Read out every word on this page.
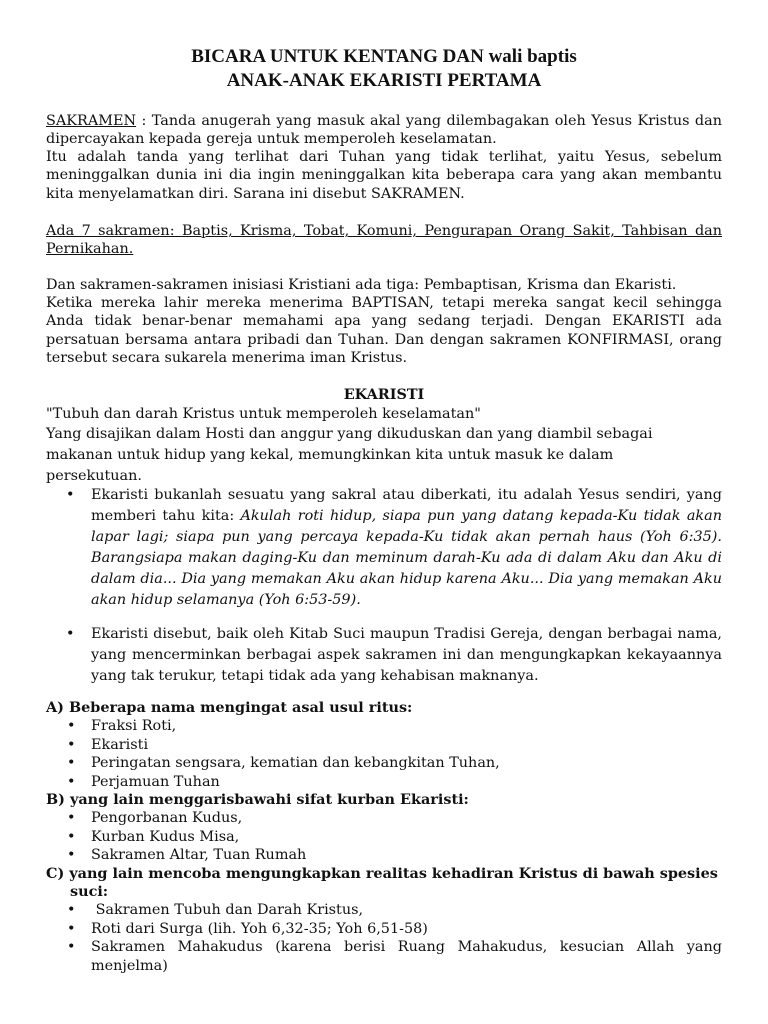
BICARA UNTUK KENTANG DAN wali baptis
ANAK-ANAK EKARISTI PERTAMA
SAKRAMEN : Tanda anugerah yang masuk akal yang dilembagakan oleh Yesus Kristus dan dipercayakan kepada gereja untuk memperoleh keselamatan.
Itu adalah tanda yang terlihat dari Tuhan yang tidak terlihat, yaitu Yesus, sebelum meninggalkan dunia ini dia ingin meninggalkan kita beberapa cara yang akan membantu kita menyelamatkan diri. Sarana ini disebut SAKRAMEN.
Ada 7 sakramen: Baptis, Krisma, Tobat, Komuni, Pengurapan Orang Sakit, Tahbisan dan Pernikahan.
Dan sakramen-sakramen inisiasi Kristiani ada tiga: Pembaptisan, Krisma dan Ekaristi.
Ketika mereka lahir mereka menerima BAPTISAN, tetapi mereka sangat kecil sehingga Anda tidak benar-benar memahami apa yang sedang terjadi. Dengan EKARISTI ada persatuan bersama antara pribadi dan Tuhan. Dan dengan sakramen KONFIRMASI, orang tersebut secara sukarela menerima iman Kristus.
EKARISTI
"Tubuh dan darah Kristus untuk memperoleh keselamatan"
Yang disajikan dalam Hosti dan anggur yang dikuduskan dan yang diambil sebagai makanan untuk hidup yang kekal, memungkinkan kita untuk masuk ke dalam persekutuan.
• Ekaristi bukanlah sesuatu yang sakral atau diberkati, itu adalah Yesus sendiri, yang memberi tahu kita: Akulah roti hidup, siapa pun yang datang kepada-Ku tidak akan lapar lagi; siapa pun yang percaya kepada-Ku tidak akan pernah haus (Yoh 6:35). Barangsiapa makan daging-Ku dan meminum darah-Ku ada di dalam Aku dan Aku di dalam dia... Dia yang memakan Aku akan hidup karena Aku... Dia yang memakan Aku akan hidup selamanya (Yoh 6:53-59).
• Ekaristi disebut, baik oleh Kitab Suci maupun Tradisi Gereja, dengan berbagai nama, yang mencerminkan berbagai aspek sakramen ini dan mengungkapkan kekayaannya yang tak terukur, tetapi tidak ada yang kehabisan maknanya.
A) Beberapa nama mengingat asal usul ritus:
• Fraksi Roti,
• Ekaristi
• Peringatan sengsara, kematian dan kebangkitan Tuhan,
• Perjamuan Tuhan
B) yang lain menggarisbawahi sifat kurban Ekaristi:
• Pengorbanan Kudus,
• Kurban Kudus Misa,
• Sakramen Altar, Tuan Rumah
C) yang lain mencoba mengungkapkan realitas kehadiran Kristus di bawah spesies suci:
• Sakramen Tubuh dan Darah Kristus,
• Roti dari Surga (lih. Yoh 6,32-35; Yoh 6,51-58)
• Sakramen Mahakudus (karena berisi Ruang Mahakudus, kesucian Allah yang menjelma)
